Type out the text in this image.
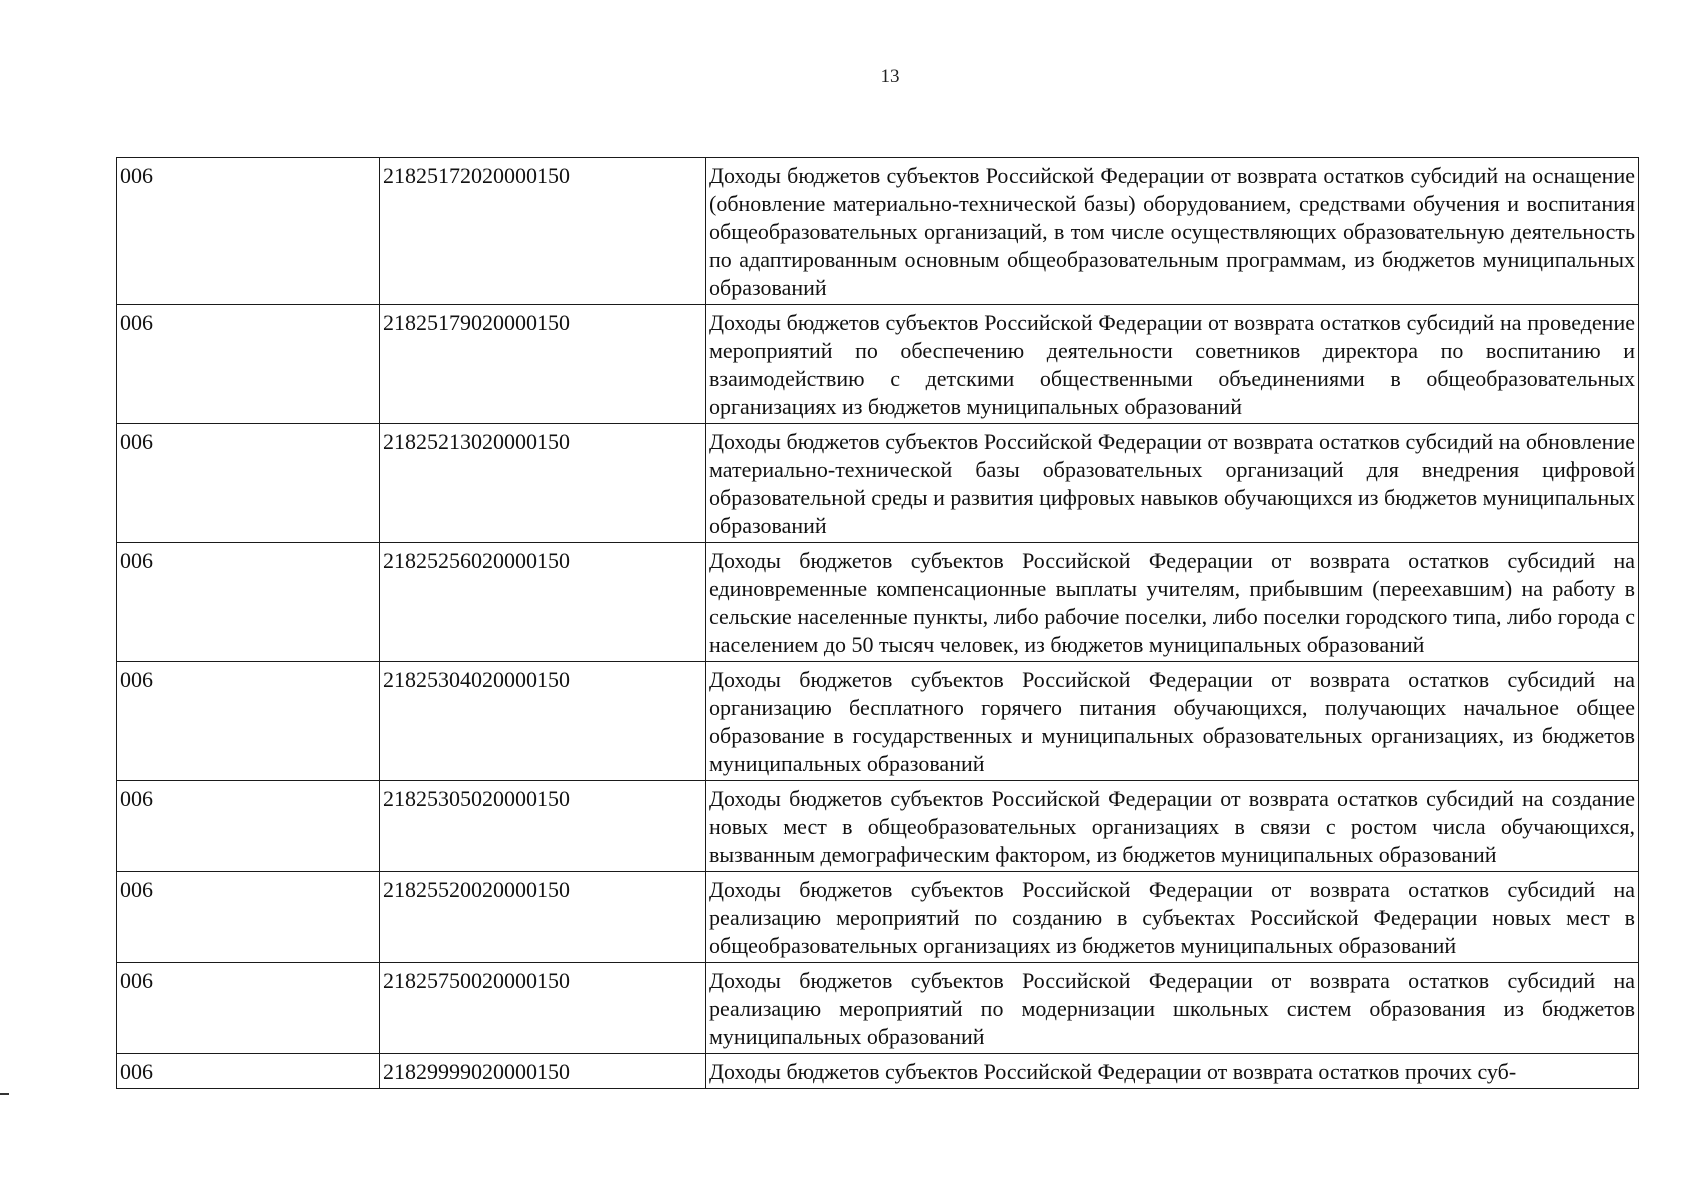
13
006	21825172020000150	Доходы бюджетов субъектов Российской Федерации от возврата остатков субсидий на оснащение (обновление материально-технической базы) оборудованием, средствами обучения и воспитания общеобразовательных организаций, в том числе осуществляющих образовательную деятельность по адаптированным основным общеобразовательным программам, из бюджетов муниципальных образований
006	21825179020000150	Доходы бюджетов субъектов Российской Федерации от возврата остатков субсидий на проведение мероприятий по обеспечению деятельности советников директора по воспитанию и взаимодействию с детскими общественными объединениями в общеобразовательных организациях из бюджетов муниципальных образований
006	21825213020000150	Доходы бюджетов субъектов Российской Федерации от возврата остатков субсидий на обновление материально-технической базы образовательных организаций для внедрения цифровой образовательной среды и развития цифровых навыков обучающихся из бюджетов муниципальных образований
006	21825256020000150	Доходы бюджетов субъектов Российской Федерации от возврата остатков субсидий на единовременные компенсационные выплаты учителям, прибывшим (переехавшим) на работу в сельские населенные пункты, либо рабочие поселки, либо поселки городского типа, либо города с населением до 50 тысяч человек, из бюджетов муниципальных образований
006	21825304020000150	Доходы бюджетов субъектов Российской Федерации от возврата остатков субсидий на организацию бесплатного горячего питания обучающихся, получающих начальное общее образование в государственных и муниципальных образовательных организациях, из бюджетов муниципальных образований
006	21825305020000150	Доходы бюджетов субъектов Российской Федерации от возврата остатков субсидий на создание новых мест в общеобразовательных организациях в связи с ростом числа обучающихся, вызванным демографическим фактором, из бюджетов муниципальных образований
006	21825520020000150	Доходы бюджетов субъектов Российской Федерации от возврата остатков субсидий на реализацию мероприятий по созданию в субъектах Российской Федерации новых мест в общеобразовательных организациях из бюджетов муниципальных образований
006	21825750020000150	Доходы бюджетов субъектов Российской Федерации от возврата остатков субсидий на реализацию мероприятий по модернизации школьных систем образования из бюджетов муниципальных образований
006	21829999020000150	Доходы бюджетов субъектов Российской Федерации от возврата остатков прочих суб-
